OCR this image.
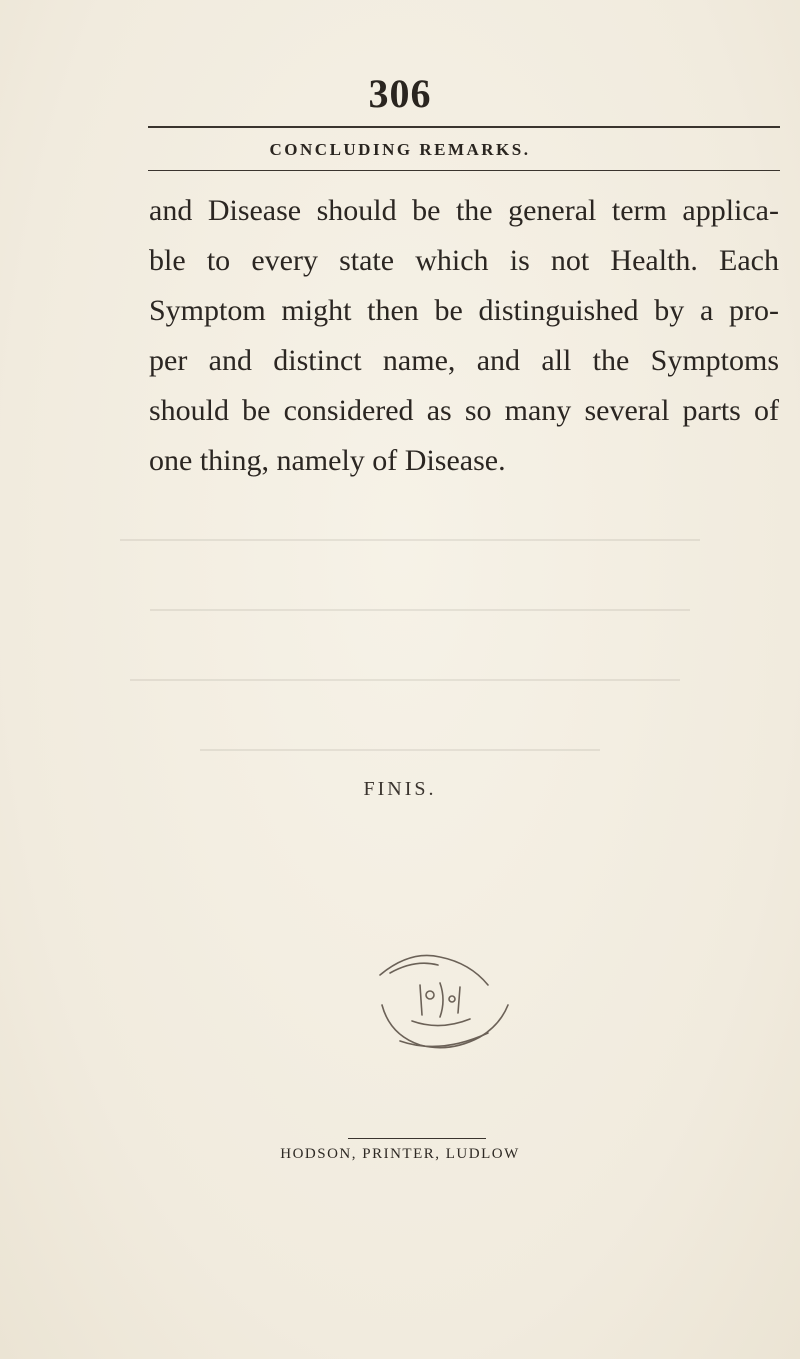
306
CONCLUDING REMARKS.
and Disease should be the general term applica-
ble to every state which is not Health. Each
Symptom might then be distinguished by a pro-
per and distinct name, and all the Symptoms
should be considered as so many several parts of
one thing, namely of Disease.
FINIS.
HODSON, PRINTER, LUDLOW
